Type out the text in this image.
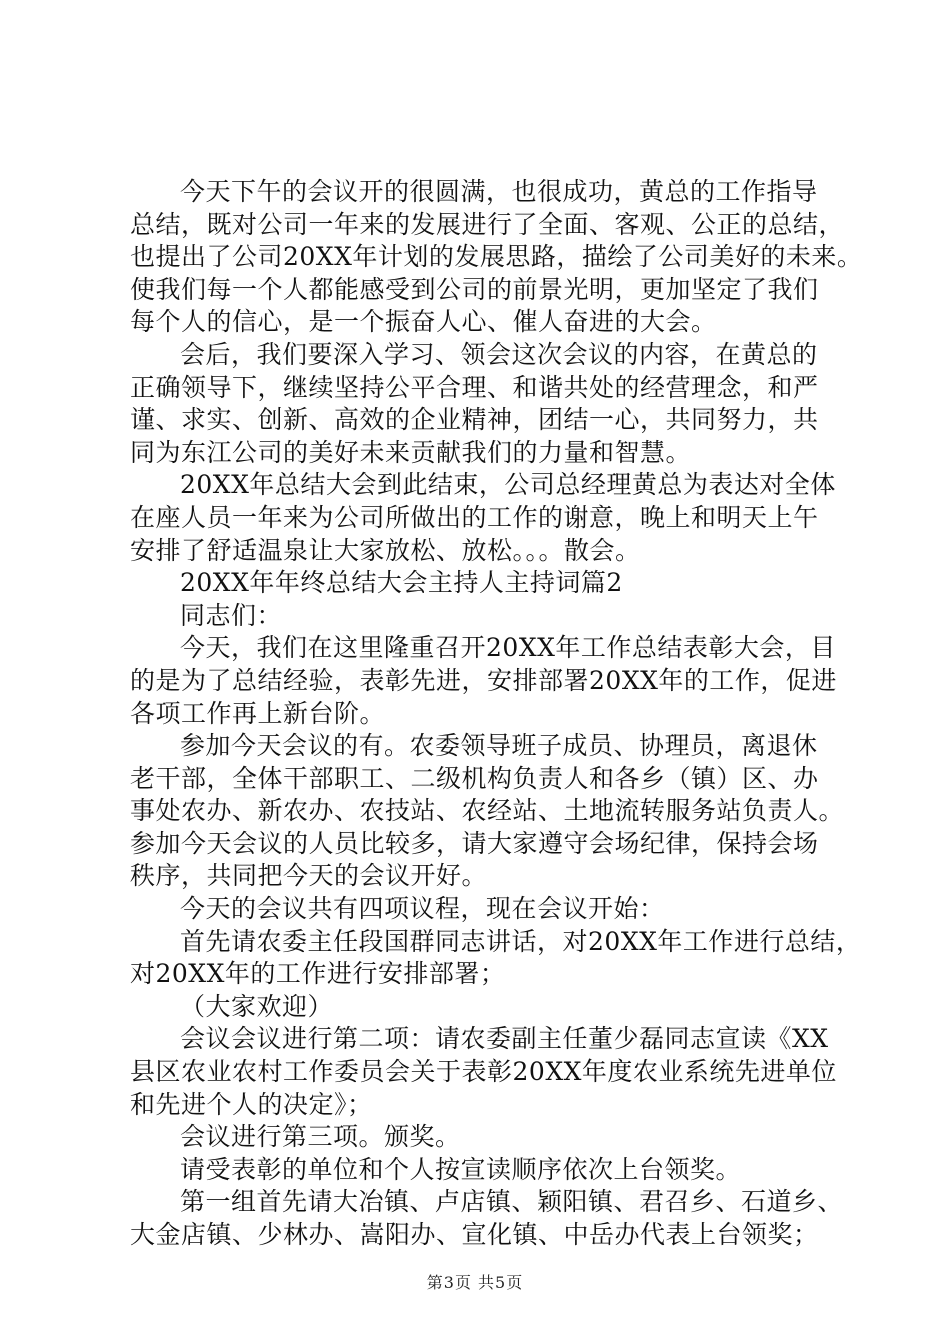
今天下午的会议开的很圆满，也很成功，黄总的工作指导
总结，既对公司一年来的发展进行了全面、客观、公正的总结，
也提出了公司20XX年计划的发展思路，描绘了公司美好的未来。
使我们每一个人都能感受到公司的前景光明，更加坚定了我们
每个人的信心，是一个振奋人心、催人奋进的大会。
会后，我们要深入学习、领会这次会议的内容，在黄总的
正确领导下，继续坚持公平合理、和谐共处的经营理念，和严
谨、求实、创新、高效的企业精神，团结一心，共同努力，共
同为东江公司的美好未来贡献我们的力量和智慧。
20XX年总结大会到此结束，公司总经理黄总为表达对全体
在座人员一年来为公司所做出的工作的谢意，晚上和明天上午
安排了舒适温泉让大家放松、放松。。。散会。
20XX年年终总结大会主持人主持词篇2
同志们：
今天，我们在这里隆重召开20XX年工作总结表彰大会，目
的是为了总结经验，表彰先进，安排部署20XX年的工作，促进
各项工作再上新台阶。
参加今天会议的有。农委领导班子成员、协理员，离退休
老干部，全体干部职工、二级机构负责人和各乡（镇）区、办
事处农办、新农办、农技站、农经站、土地流转服务站负责人。
参加今天会议的人员比较多，请大家遵守会场纪律，保持会场
秩序，共同把今天的会议开好。
今天的会议共有四项议程，现在会议开始：
首先请农委主任段国群同志讲话，对20XX年工作进行总结，
对20XX年的工作进行安排部署；
（大家欢迎）
会议会议进行第二项：请农委副主任董少磊同志宣读《XX
县区农业农村工作委员会关于表彰20XX年度农业系统先进单位
和先进个人的决定》；
会议进行第三项。颁奖。
请受表彰的单位和个人按宣读顺序依次上台领奖。
第一组首先请大冶镇、卢店镇、颖阳镇、君召乡、石道乡、
大金店镇、少林办、嵩阳办、宣化镇、中岳办代表上台领奖；
第3页 共5页
